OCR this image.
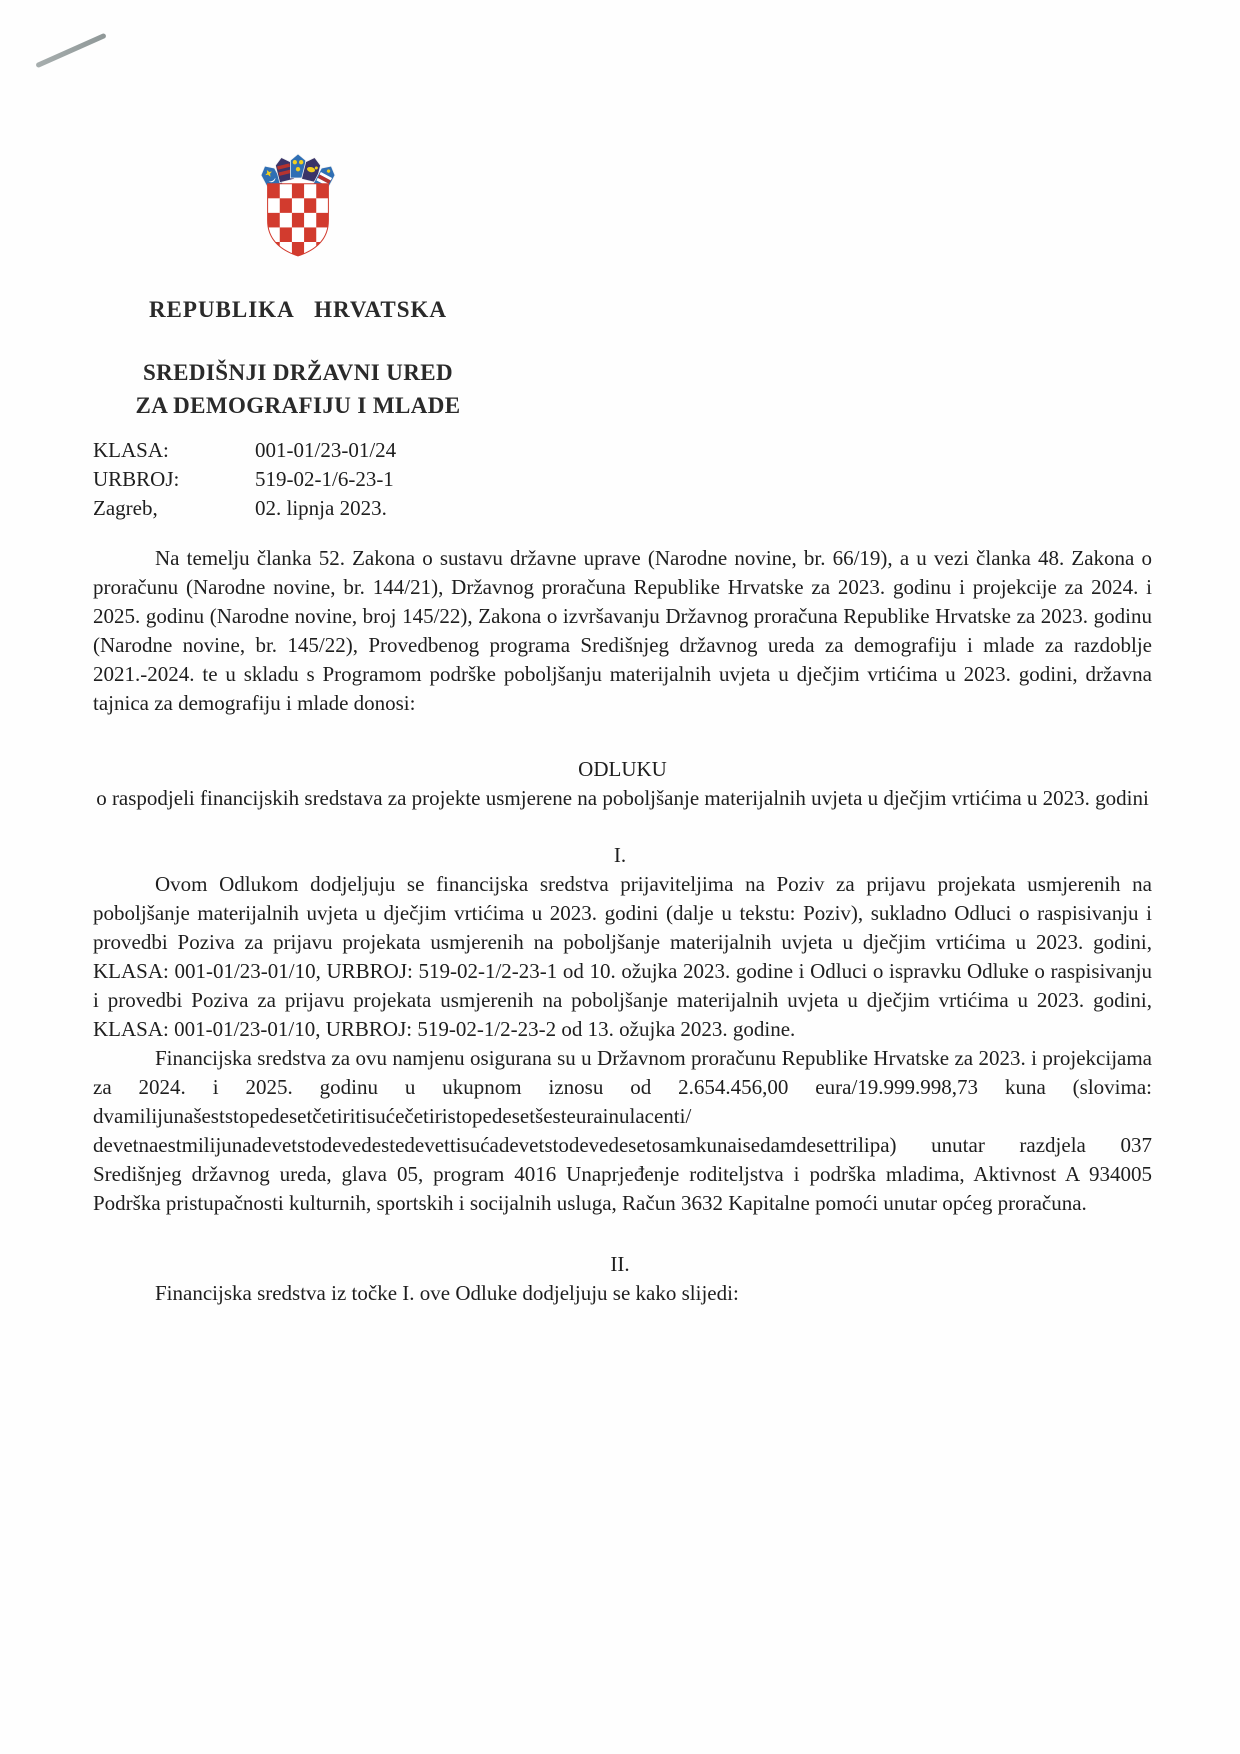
REPUBLIKA HRVATSKA
SREDIŠNJI DRŽAVNI URED
ZA DEMOGRAFIJU I MLADE
KLASA:	001-01/23-01/24
URBROJ:	519-02-1/6-23-1
Zagreb,	02. lipnja 2023.

Na temelju članka 52. Zakona o sustavu državne uprave (Narodne novine, br. 66/19), a u vezi članka 48. Zakona o proračunu (Narodne novine, br. 144/21), Državnog proračuna Republike Hrvatske za 2023. godinu i projekcije za 2024. i 2025. godinu (Narodne novine, broj 145/22), Zakona o izvršavanju Državnog proračuna Republike Hrvatske za 2023. godinu (Narodne novine, br. 145/22), Provedbenog programa Središnjeg državnog ureda za demografiju i mlade za razdoblje 2021.-2024. te u skladu s Programom podrške poboljšanju materijalnih uvjeta u dječjim vrtićima u 2023. godini, državna tajnica za demografiju i mlade donosi:

ODLUKU
o raspodjeli financijskih sredstava za projekte usmjerene na poboljšanje materijalnih uvjeta u dječjim vrtićima u 2023. godini
I.

Ovom Odlukom dodjeljuju se financijska sredstva prijaviteljima na Poziv za prijavu projekata usmjerenih na poboljšanje materijalnih uvjeta u dječjim vrtićima u 2023. godini (dalje u tekstu: Poziv), sukladno Odluci o raspisivanju i provedbi Poziva za prijavu projekata usmjerenih na poboljšanje materijalnih uvjeta u dječjim vrtićima u 2023. godini, KLASA: 001-01/23-01/10, URBROJ: 519-02-1/2-23-1 od 10. ožujka 2023. godine i Odluci o ispravku Odluke o raspisivanju i provedbi Poziva za prijavu projekata usmjerenih na poboljšanje materijalnih uvjeta u dječjim vrtićima u 2023. godini, KLASA: 001-01/23-01/10, URBROJ: 519-02-1/2-23-2 od 13. ožujka 2023. godine.

Financijska sredstva za ovu namjenu osigurana su u Državnom proračunu Republike Hrvatske za 2023. i projekcijama za 2024. i 2025. godinu u ukupnom iznosu od 2.654.456,00 eura/19.999.998,73 kuna (slovima: dvamilijunašeststopedesetčetiritisućečetiristopedesetšesteurainulacenti/ devetnaestmilijunadevetstodevedestedevettisućadevetstodevedesetosamkunaisedamdesettrilipa) unutar razdjela 037 Središnjeg državnog ureda, glava 05, program 4016 Unaprjeđenje roditeljstva i podrška mladima, Aktivnost A 934005 Podrška pristupačnosti kulturnih, sportskih i socijalnih usluga, Račun 3632 Kapitalne pomoći unutar općeg proračuna.

II.

Financijska sredstva iz točke I. ove Odluke dodjeljuju se kako slijedi:
